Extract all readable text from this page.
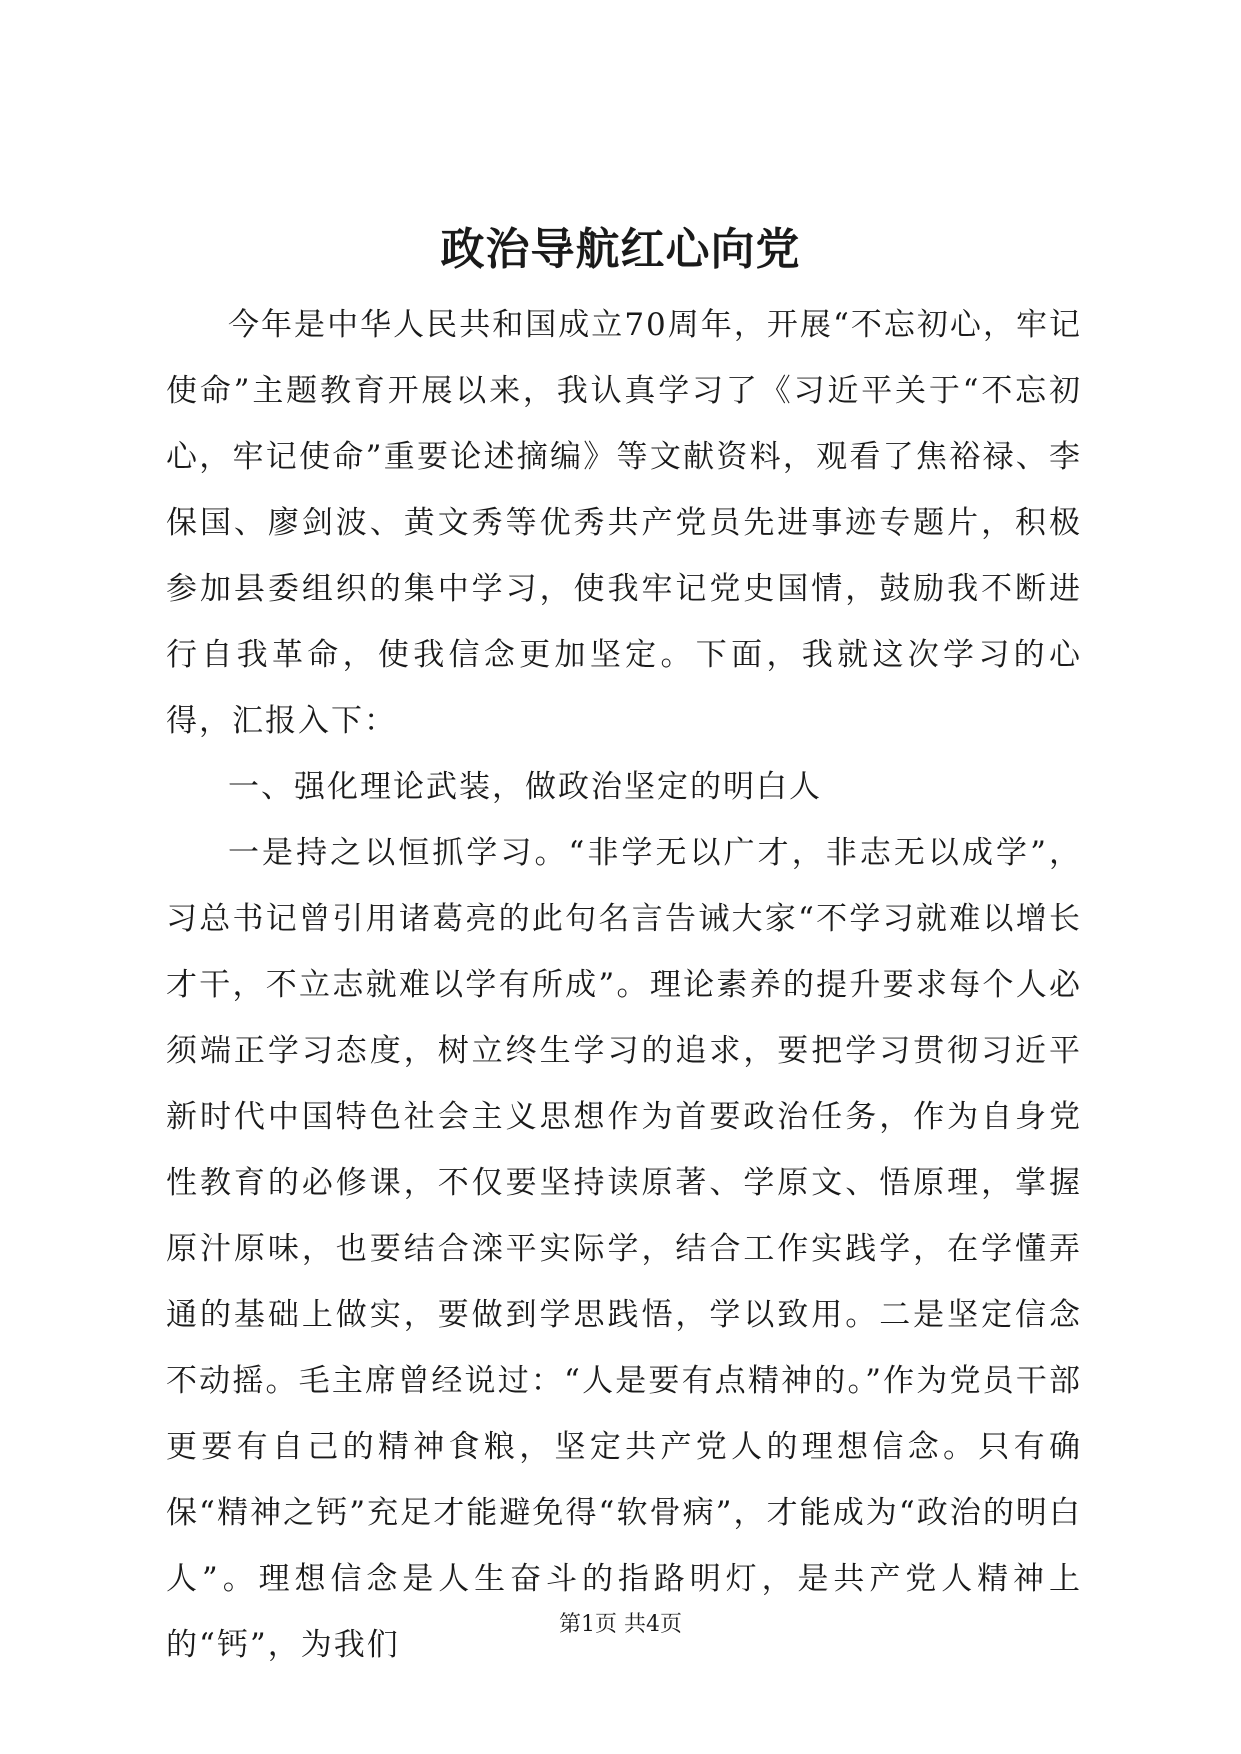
政治导航红心向党

今年是中华人民共和国成立70周年，开展“不忘初心，牢记使命”主题教育开展以来，我认真学习了《习近平关于“不忘初心，牢记使命”重要论述摘编》等文献资料，观看了焦裕禄、李保国、廖剑波、黄文秀等优秀共产党员先进事迹专题片，积极参加县委组织的集中学习，使我牢记党史国情，鼓励我不断进行自我革命，使我信念更加坚定。下面，我就这次学习的心得，汇报入下：

一、强化理论武装，做政治坚定的明白人

一是持之以恒抓学习。“非学无以广才，非志无以成学”，习总书记曾引用诸葛亮的此句名言告诫大家“不学习就难以增长才干，不立志就难以学有所成”。理论素养的提升要求每个人必须端正学习态度，树立终生学习的追求，要把学习贯彻习近平新时代中国特色社会主义思想作为首要政治任务，作为自身党性教育的必修课，不仅要坚持读原著、学原文、悟原理，掌握原汁原味，也要结合滦平实际学，结合工作实践学，在学懂弄通的基础上做实，要做到学思践悟，学以致用。二是坚定信念不动摇。毛主席曾经说过：“人是要有点精神的。”作为党员干部更要有自己的精神食粮，坚定共产党人的理想信念。只有确保“精神之钙”充足才能避免得“软骨病”，才能成为“政治的明白人”。理想信念是人生奋斗的指路明灯，是共产党人精神上的“钙”，为我们

第1页 共4页
